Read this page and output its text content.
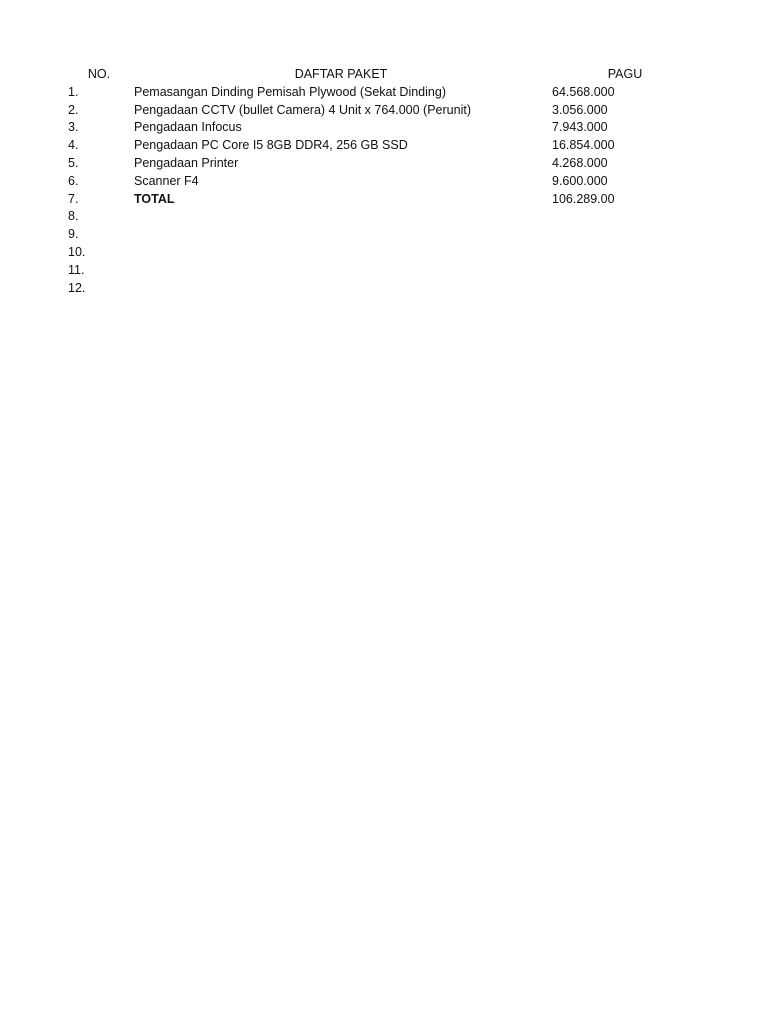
NO.	DAFTAR PAKET	PAGU
1.	Pemasangan Dinding Pemisah Plywood (Sekat Dinding)	64.568.000
2.	Pengadaan CCTV (bullet Camera) 4 Unit x 764.000 (Perunit)	3.056.000
3.	Pengadaan Infocus	7.943.000
4.	Pengadaan PC Core I5 8GB DDR4, 256 GB SSD	16.854.000
5.	Pengadaan Printer	4.268.000
6.	Scanner F4	9.600.000
7.	TOTAL	106.289.00
8.
9.
10.
11.
12.
